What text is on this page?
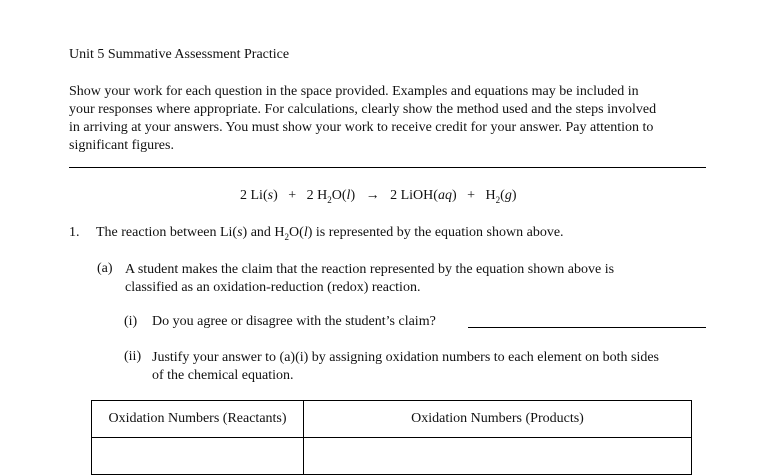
Unit 5 Summative Assessment Practice
Show your work for each question in the space provided. Examples and equations may be included in
your responses where appropriate. For calculations, clearly show the method used and the steps involved
in arriving at your answers. You must show your work to receive credit for your answer. Pay attention to
significant figures.
2 Li(s) + 2 $H_2O(l) \to 2$ LiOH(aq) + $H_2(g)$
1. The reaction between Li(s) and $H_2O(l)$ is represented by the equation shown above.
(a) A student makes the claim that the reaction represented by the equation shown above is
classified as an oxidation-reduction (redox) reaction.
(i) Do you agree or disagree with the student’s claim?
(ii) Justify your answer to (a)(i) by assigning oxidation numbers to each element on both sides
of the chemical equation.
Oxidation Numbers (Reactants)	Oxidation Numbers (Products)
